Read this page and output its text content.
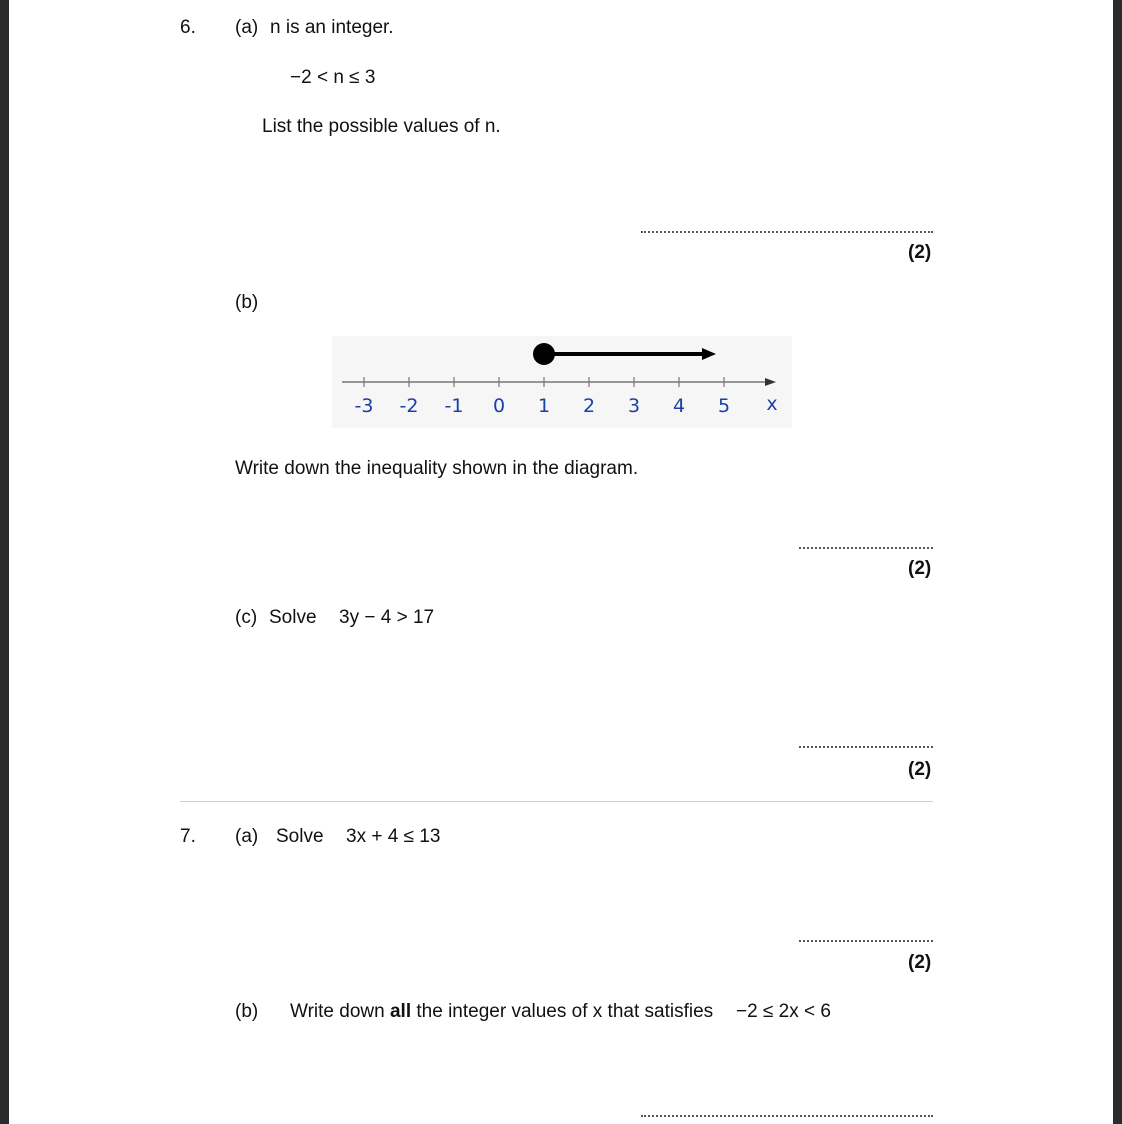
6. (a) n is an integer.
−2 < n ≤ 3
List the possible values of n.
(2)
(b)
-3 -2 -1 0 1 2 3 4 5 x
Write down the inequality shown in the diagram.
(2)
(c) Solve 3y − 4 > 17
(2)
7. (a) Solve 3x + 4 ≤ 13
(2)
(b) Write down all the integer values of x that satisfies −2 ≤ 2x < 6
